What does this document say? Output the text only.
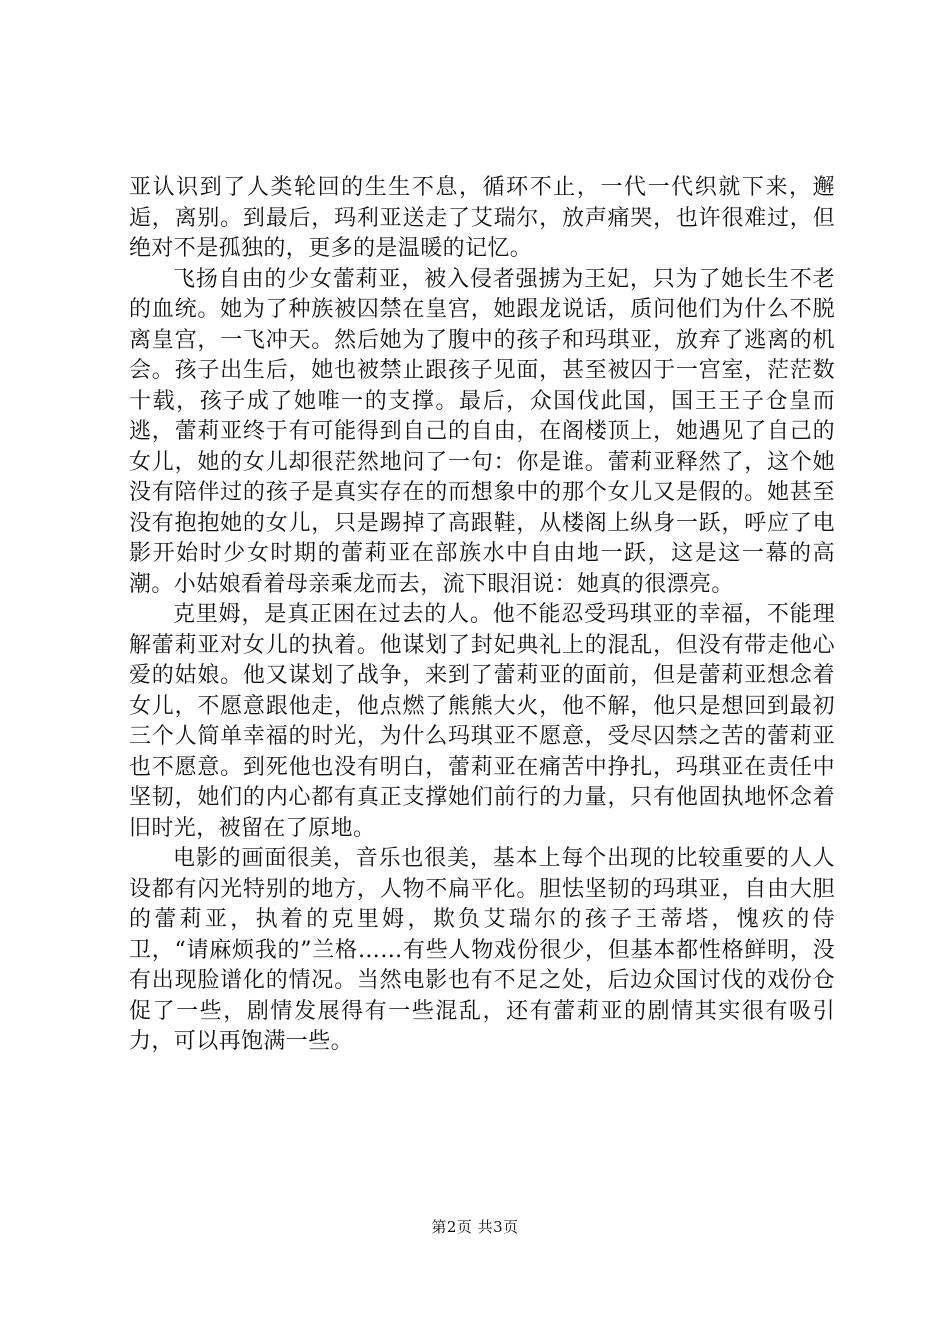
亚认识到了人类轮回的生生不息，循环不止，一代一代织就下来，邂逅，离别。到最后，玛利亚送走了艾瑞尔，放声痛哭，也许很难过，但绝对不是孤独的，更多的是温暖的记忆。

飞扬自由的少女蕾莉亚，被入侵者强掳为王妃，只为了她长生不老的血统。她为了种族被囚禁在皇宫，她跟龙说话，质问他们为什么不脱离皇宫，一飞冲天。然后她为了腹中的孩子和玛琪亚，放弃了逃离的机会。孩子出生后，她也被禁止跟孩子见面，甚至被囚于一宫室，茫茫数十载，孩子成了她唯一的支撑。最后，众国伐此国，国王王子仓皇而逃，蕾莉亚终于有可能得到自己的自由，在阁楼顶上，她遇见了自己的女儿，她的女儿却很茫然地问了一句：你是谁。蕾莉亚释然了，这个她没有陪伴过的孩子是真实存在的而想象中的那个女儿又是假的。她甚至没有抱抱她的女儿，只是踢掉了高跟鞋，从楼阁上纵身一跃，呼应了电影开始时少女时期的蕾莉亚在部族水中自由地一跃，这是这一幕的高潮。小姑娘看着母亲乘龙而去，流下眼泪说：她真的很漂亮。

克里姆，是真正困在过去的人。他不能忍受玛琪亚的幸福，不能理解蕾莉亚对女儿的执着。他谋划了封妃典礼上的混乱，但没有带走他心爱的姑娘。他又谋划了战争，来到了蕾莉亚的面前，但是蕾莉亚想念着女儿，不愿意跟他走，他点燃了熊熊大火，他不解，他只是想回到最初三个人简单幸福的时光，为什么玛琪亚不愿意，受尽囚禁之苦的蕾莉亚也不愿意。到死他也没有明白，蕾莉亚在痛苦中挣扎，玛琪亚在责任中坚韧，她们的内心都有真正支撑她们前行的力量，只有他固执地怀念着旧时光，被留在了原地。

电影的画面很美，音乐也很美，基本上每个出现的比较重要的人人设都有闪光特别的地方，人物不扁平化。胆怯坚韧的玛琪亚，自由大胆的蕾莉亚，执着的克里姆，欺负艾瑞尔的孩子王蒂塔，愧疚的侍卫，“请麻烦我的”兰格……有些人物戏份很少，但基本都性格鲜明，没有出现脸谱化的情况。当然电影也有不足之处，后边众国讨伐的戏份仓促了一些，剧情发展得有一些混乱，还有蕾莉亚的剧情其实很有吸引力，可以再饱满一些。

第2页 共3页
